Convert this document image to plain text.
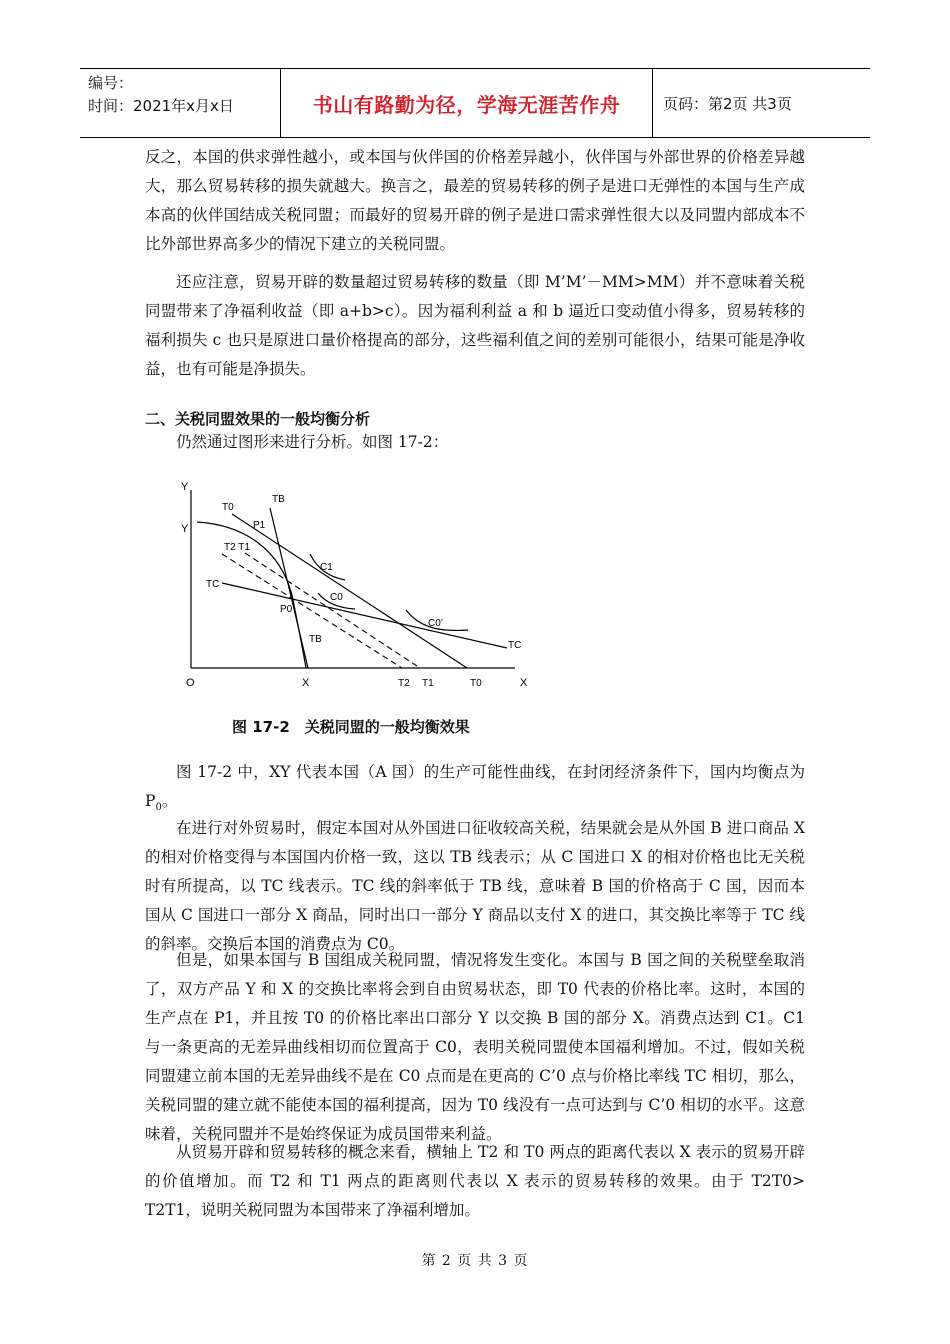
编号：
时间：2021年x月x日	书山有路勤为径，学海无涯苦作舟	页码：第2页 共3页

反之，本国的供求弹性越小，或本国与伙伴国的价格差异越小，伙伴国与外部世界的价格差异越大，那么贸易转移的损失就越大。换言之，最差的贸易转移的例子是进口无弹性的本国与生产成本高的伙伴国结成关税同盟；而最好的贸易开辟的例子是进口需求弹性很大以及同盟内部成本不比外部世界高多少的情况下建立的关税同盟。

还应注意，贸易开辟的数量超过贸易转移的数量（即 M’M’－MM>MM）并不意味着关税同盟带来了净福利收益（即 a+b>c）。因为福利利益 a 和 b 逼近口变动值小得多，贸易转移的福利损失 c 也只是原进口量价格提高的部分，这些福利值之间的差别可能很小，结果可能是净收益，也有可能是净损失。

二、关税同盟效果的一般均衡分析

仍然通过图形来进行分析。如图 17-2：

Y
Y
O	X	X
T0
TB
P1
T2 T1
C1
TC
C0
P0
C0’
TB
TC
T2 T1	T0
图 17-2　关税同盟的一般均衡效果

图 17-2 中，XY 代表本国（A 国）的生产可能性曲线，在封闭经济条件下，国内均衡点为 $P_0$。

在进行对外贸易时，假定本国对从外国进口征收较高关税，结果就会是从外国 B 进口商品 X 的相对价格变得与本国国内价格一致，这以 TB 线表示；从 C 国进口 X 的相对价格也比无关税时有所提高，以 TC 线表示。TC 线的斜率低于 TB 线，意味着 B 国的价格高于 C 国，因而本国从 C 国进口一部分 X 商品，同时出口一部分 Y 商品以支付 X 的进口，其交换比率等于 TC 线的斜率。交换后本国的消费点为 C0。

但是，如果本国与 B 国组成关税同盟，情况将发生变化。本国与 B 国之间的关税壁垒取消了，双方产品 Y 和 X 的交换比率将会到自由贸易状态，即 T0 代表的价格比率。这时，本国的生产点在 P1，并且按 T0 的价格比率出口部分 Y 以交换 B 国的部分 X。消费点达到 C1。C1 与一条更高的无差异曲线相切而位置高于 C0，表明关税同盟使本国福利增加。不过，假如关税同盟建立前本国的无差异曲线不是在 C0 点而是在更高的 C’0 点与价格比率线 TC 相切，那么，关税同盟的建立就不能使本国的福利提高，因为 T0 线没有一点可达到与 C’0 相切的水平。这意味着，关税同盟并不是始终保证为成员国带来利益。

从贸易开辟和贸易转移的概念来看，横轴上 T2 和 T0 两点的距离代表以 X 表示的贸易开辟的价值增加。而 T2 和 T1 两点的距离则代表以 X 表示的贸易转移的效果。由于 T2T0> T2T1，说明关税同盟为本国带来了净福利增加。

第 2 页 共 3 页
